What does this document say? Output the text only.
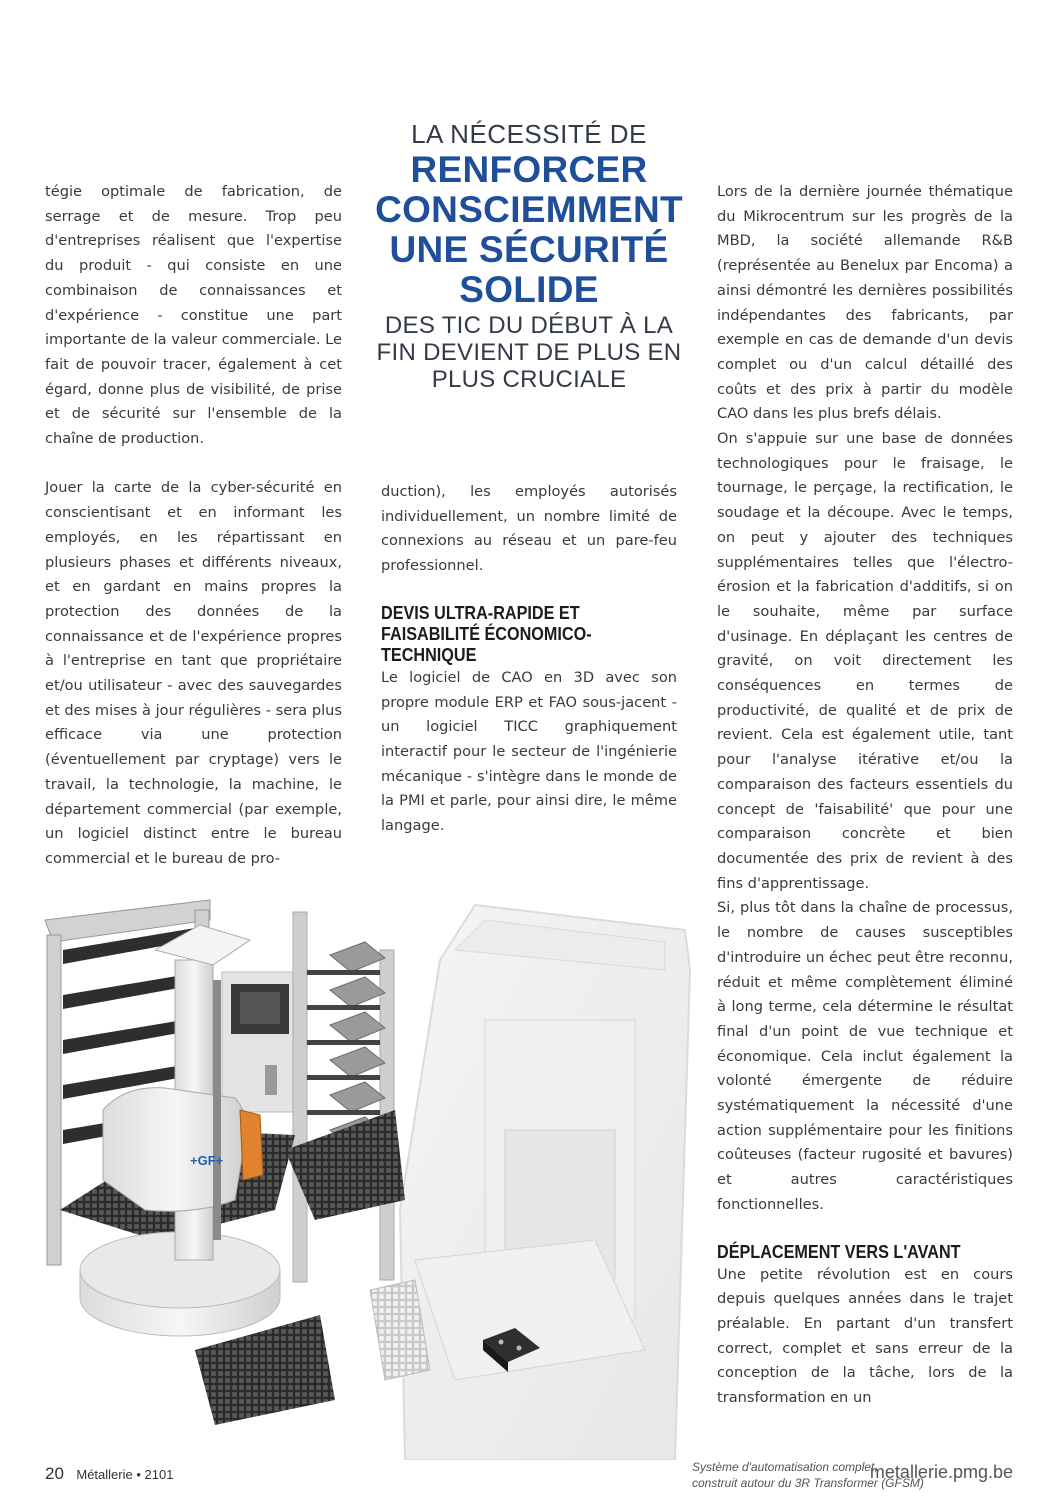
tégie optimale de fabrication, de serrage et de mesure. Trop peu d'entreprises réalisent que l'expertise du produit - qui consiste en une combinaison de connaissances et d'expérience - constitue une part importante de la valeur commerciale. Le fait de pouvoir tracer, également à cet égard, donne plus de visibilité, de prise et de sécurité sur l'ensemble de la chaîne de production.

Jouer la carte de la cyber-sécurité en conscientisant et en informant les employés, en les répartissant en plusieurs phases et différents niveaux, et en gardant en mains propres la protection des données de la connaissance et de l'expérience propres à l'entreprise en tant que propriétaire et/ou utilisateur - avec des sauvegardes et des mises à jour régulières - sera plus efficace via une protection (éventuellement par cryptage) vers le travail, la technologie, la machine, le département commercial (par exemple, un logiciel distinct entre le bureau commercial et le bureau de pro-

LA NÉCESSITÉ DE
RENFORCER CONSCIEMMENT UNE SÉCURITÉ SOLIDE
DES TIC DU DÉBUT À LA FIN DEVIENT DE PLUS EN PLUS CRUCIALE

duction), les employés autorisés individuellement, un nombre limité de connexions au réseau et un pare-feu professionnel.

DEVIS ULTRA-RAPIDE ET FAISABILITÉ ÉCONOMICO-TECHNIQUE

Le logiciel de CAO en 3D avec son propre module ERP et FAO sous-jacent - un logiciel TICC graphiquement interactif pour le secteur de l'ingénierie mécanique - s'intègre dans le monde de la PMI et parle, pour ainsi dire, le même langage.

Lors de la dernière journée thématique du Mikrocentrum sur les progrès de la MBD, la société allemande R&B (représentée au Benelux par Encoma) a ainsi démontré les dernières possibilités indépendantes des fabricants, par exemple en cas de demande d'un devis complet ou d'un calcul détaillé des coûts et des prix à partir du modèle CAO dans les plus brefs délais.

On s'appuie sur une base de données technologiques pour le fraisage, le tournage, le perçage, la rectification, le soudage et la découpe. Avec le temps, on peut y ajouter des techniques supplémentaires telles que l'électro-érosion et la fabrication d'additifs, si on le souhaite, même par surface d'usinage. En déplaçant les centres de gravité, on voit directement les conséquences en termes de productivité, de qualité et de prix de revient. Cela est également utile, tant pour l'analyse itérative et/ou la comparaison des facteurs essentiels du concept de 'faisabilité' que pour une comparaison concrète et bien documentée des prix de revient à des fins d'apprentissage.

Si, plus tôt dans la chaîne de processus, le nombre de causes susceptibles d'introduire un échec peut être reconnu, réduit et même complètement éliminé à long terme, cela détermine le résultat final d'un point de vue technique et économique. Cela inclut également la volonté émergente de réduire systématiquement la nécessité d'une action supplémentaire pour les finitions coûteuses (facteur rugosité et bavures) et autres caractéristiques fonctionnelles.

DÉPLACEMENT VERS L'AVANT

Une petite révolution est en cours depuis quelques années dans le trajet préalable. En partant d'un transfert correct, complet et sans erreur de la conception de la tâche, lors de la transformation en un

+GF+
Système d'automatisation complet,
construit autour du 3R Transformer (GFSM)
20 Métallerie • 2101	metallerie.pmg.be
